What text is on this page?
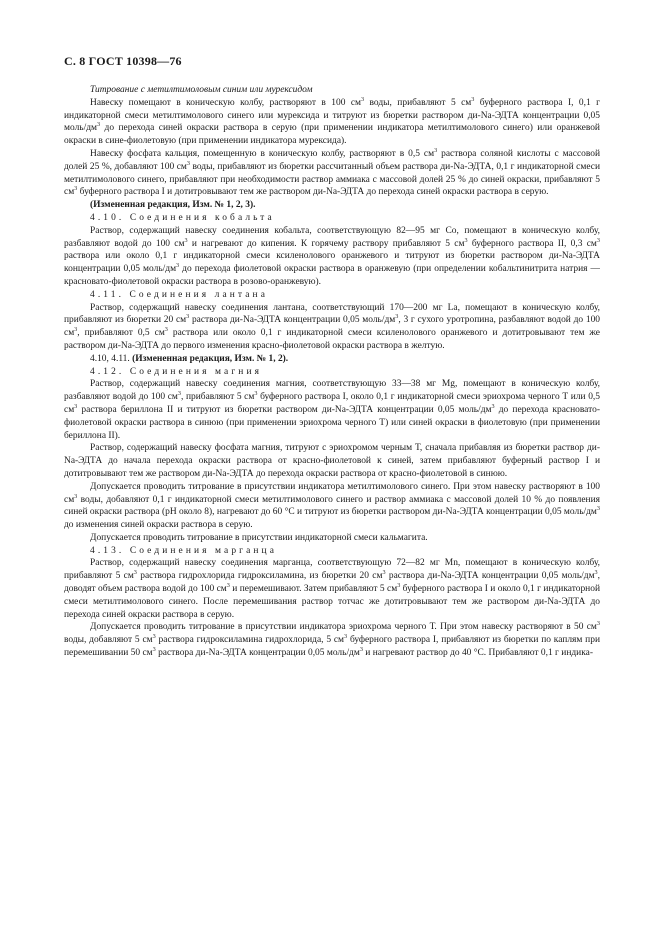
С. 8 ГОСТ 10398—76

Титрование с метилтимоловым синим или мурексидом

Навеску помещают в коническую колбу, растворяют в 100 $см^3$ воды, прибавляют 5 $см^3$ буферного раствора I, 0,1 г индикаторной смеси метилтимолового синего или мурексида и титруют из бюретки раствором ди-Na-ЭДТА концентрации 0,05 моль/$дм^3$ до перехода синей окраски раствора в серую (при применении индикатора метилтимолового синего) или оранжевой окраски в сине-фиолетовую (при применении индикатора мурексида).

Навеску фосфата кальция, помещенную в коническую колбу, растворяют в 0,5 $см^3$ раствора соляной кислоты с массовой долей 25 %, добавляют 100 $см^3$ воды, прибавляют из бюретки рассчитанный объем раствора ди-Na-ЭДТА, 0,1 г индикаторной смеси метилтимолового синего, прибавляют при необходимости раствор аммиака с массовой долей 25 % до синей окраски, прибавляют 5 $см^3$ буферного раствора I и дотитровывают тем же раствором ди-Na-ЭДТА до перехода синей окраски раствора в серую.

(Измененная редакция, Изм. № 1, 2, 3).

4.10. Соединения кобальта

Раствор, содержащий навеску соединения кобальта, соответствующую 82—95 мг Co, помещают в коническую колбу, разбавляют водой до 100 $см^3$ и нагревают до кипения. К горячему раствору прибавляют 5 $см^3$ буферного раствора II, 0,3 $см^3$ раствора или около 0,1 г индикаторной смеси ксиленолового оранжевого и титруют из бюретки раствором ди-Na-ЭДТА концентрации 0,05 моль/$дм^3$ до перехода фиолетовой окраски раствора в оранжевую (при определении кобальтинитрита натрия — красновато-фиолетовой окраски раствора в розово-оранжевую).

4.11. Соединения лантана

Раствор, содержащий навеску соединения лантана, соответствующий 170—200 мг La, помещают в коническую колбу, прибавляют из бюретки 20 $см^3$ раствора ди-Na-ЭДТА концентрации 0,05 моль/$дм^3$, 3 г сухого уротропина, разбавляют водой до 100 $см^3$, прибавляют 0,5 $см^3$ раствора или около 0,1 г индикаторной смеси ксиленолового оранжевого и дотитровывают тем же раствором ди-Na-ЭДТА до первого изменения красно-фиолетовой окраски раствора в желтую.

4.10, 4.11. (Измененная редакция, Изм. № 1, 2).

4.12. Соединения магния

Раствор, содержащий навеску соединения магния, соответствующую 33—38 мг Mg, помещают в коническую колбу, разбавляют водой до 100 $см^3$, прибавляют 5 $см^3$ буферного раствора I, около 0,1 г индикаторной смеси эриохрома черного Т или 0,5 $см^3$ раствора бериллона II и титруют из бюретки раствором ди-Na-ЭДТА концентрации 0,05 моль/$дм^3$ до перехода красновато-фиолетовой окраски раствора в синюю (при применении эриохрома черного Т) или синей окраски в фиолетовую (при применении бериллона II).

Раствор, содержащий навеску фосфата магния, титруют с эриохромом черным Т, сначала прибавляя из бюретки раствор ди-Na-ЭДТА до начала перехода окраски раствора от красно-фиолетовой к синей, затем прибавляют буферный раствор I и дотитровывают тем же раствором ди-Na-ЭДТА до перехода окраски раствора от красно-фиолетовой в синюю.

Допускается проводить титрование в присутствии индикатора метилтимолового синего. При этом навеску растворяют в 100 $см^3$ воды, добавляют 0,1 г индикаторной смеси метилтимолового синего и раствор аммиака с массовой долей 10 % до появления синей окраски раствора (рН около 8), нагревают до 60 °С и титруют из бюретки раствором ди-Na-ЭДТА концентрации 0,05 моль/$дм^3$ до изменения синей окраски раствора в серую.

Допускается проводить титрование в присутствии индикаторной смеси кальмагита.

4.13. Соединения марганца

Раствор, содержащий навеску соединения марганца, соответствующую 72—82 мг Mn, помещают в коническую колбу, прибавляют 5 $см^3$ раствора гидрохлорида гидроксиламина, из бюретки 20 $см^3$ раствора ди-Na-ЭДТА концентрации 0,05 моль/$дм^3$, доводят объем раствора водой до 100 $см^3$ и перемешивают. Затем прибавляют 5 $см^3$ буферного раствора I и около 0,1 г индикаторной смеси метилтимолового синего. После перемешивания раствор тотчас же дотитровывают тем же раствором ди-Na-ЭДТА до перехода синей окраски раствора в серую.

Допускается проводить титрование в присутствии индикатора эриохрома черного Т. При этом навеску растворяют в 50 $см^3$ воды, добавляют 5 $см^3$ раствора гидроксиламина гидрохлорида, 5 $см^3$ буферного раствора I, прибавляют из бюретки по каплям при перемешивании 50 $см^3$ раствора ди-Na-ЭДТА концентрации 0,05 моль/$дм^3$ и нагревают раствор до 40 °С. Прибавляют 0,1 г индика-
